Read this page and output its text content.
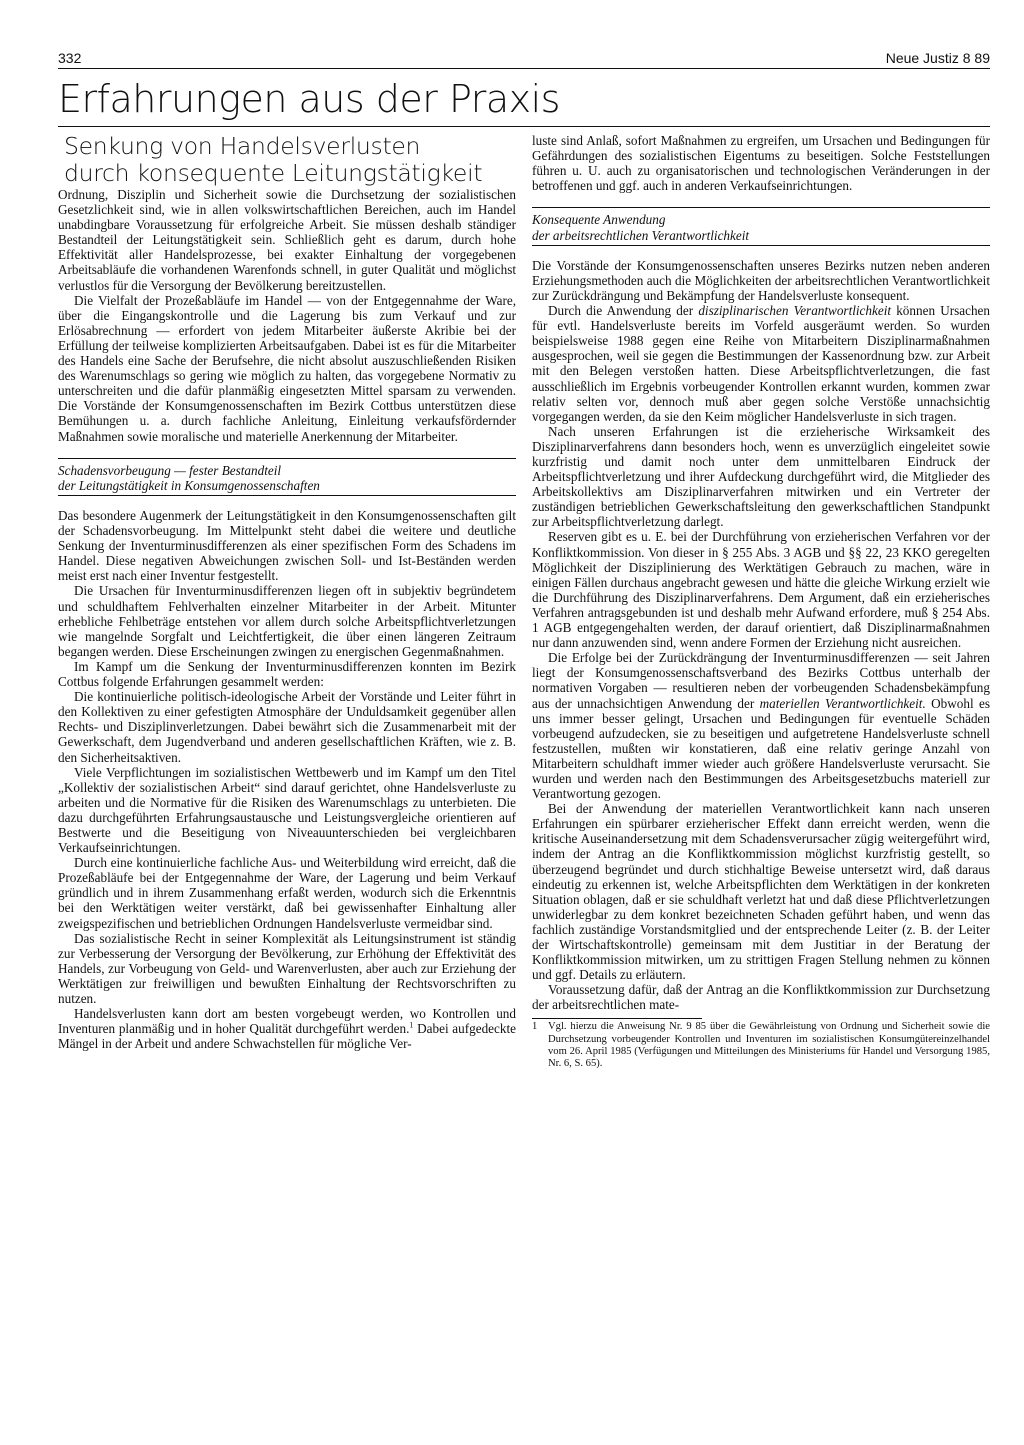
332	Neue Justiz 8 89
Erfahrungen aus der Praxis
Senkung von Handelsverlusten
durch konsequente Leitungstätigkeit

Ordnung, Disziplin und Sicherheit sowie die Durchsetzung der sozialistischen Gesetzlichkeit sind, wie in allen volkswirtschaftlichen Bereichen, auch im Handel unabdingbare Voraussetzung für erfolgreiche Arbeit. Sie müssen deshalb ständiger Bestandteil der Leitungstätigkeit sein. Schließlich geht es darum, durch hohe Effektivität aller Handelsprozesse, bei exakter Einhaltung der vorgegebenen Arbeitsabläufe die vorhandenen Warenfonds schnell, in guter Qualität und möglichst verlustlos für die Versorgung der Bevölkerung bereitzustellen.

Die Vielfalt der Prozeßabläufe im Handel — von der Entgegennahme der Ware, über die Eingangskontrolle und die Lagerung bis zum Verkauf und zur Erlösabrechnung — erfordert von jedem Mitarbeiter äußerste Akribie bei der Erfüllung der teilweise komplizierten Arbeitsaufgaben. Dabei ist es für die Mitarbeiter des Handels eine Sache der Berufsehre, die nicht absolut auszuschließenden Risiken des Warenumschlags so gering wie möglich zu halten, das vorgegebene Normativ zu unterschreiten und die dafür planmäßig eingesetzten Mittel sparsam zu verwenden. Die Vorstände der Konsumgenossenschaften im Bezirk Cottbus unterstützen diese Bemühungen u. a. durch fachliche Anleitung, Einleitung verkaufsfördernder Maßnahmen sowie moralische und materielle Anerkennung der Mitarbeiter.

Schadensvorbeugung — fester Bestandteil
der Leitungstätigkeit in Konsumgenossenschaften

Das besondere Augenmerk der Leitungstätigkeit in den Konsumgenossenschaften gilt der Schadensvorbeugung. Im Mittelpunkt steht dabei die weitere und deutliche Senkung der Inventurminusdifferenzen als einer spezifischen Form des Schadens im Handel. Diese negativen Abweichungen zwischen Soll- und Ist-Beständen werden meist erst nach einer Inventur festgestellt.

Die Ursachen für Inventurminusdifferenzen liegen oft in subjektiv begründetem und schuldhaftem Fehlverhalten einzelner Mitarbeiter in der Arbeit. Mitunter erhebliche Fehlbeträge entstehen vor allem durch solche Arbeitspflichtverletzungen wie mangelnde Sorgfalt und Leichtfertigkeit, die über einen längeren Zeitraum begangen werden. Diese Erscheinungen zwingen zu energischen Gegenmaßnahmen.

Im Kampf um die Senkung der Inventurminusdifferenzen konnten im Bezirk Cottbus folgende Erfahrungen gesammelt werden:

Die kontinuierliche politisch-ideologische Arbeit der Vorstände und Leiter führt in den Kollektiven zu einer gefestigten Atmosphäre der Unduldsamkeit gegenüber allen Rechts- und Disziplinverletzungen. Dabei bewährt sich die Zusammenarbeit mit der Gewerkschaft, dem Jugendverband und anderen gesellschaftlichen Kräften, wie z. B. den Sicherheitsaktiven.

Viele Verpflichtungen im sozialistischen Wettbewerb und im Kampf um den Titel „Kollektiv der sozialistischen Arbeit“ sind darauf gerichtet, ohne Handelsverluste zu arbeiten und die Normative für die Risiken des Warenumschlags zu unterbieten. Die dazu durchgeführten Erfahrungsaustausche und Leistungsvergleiche orientieren auf Bestwerte und die Beseitigung von Niveauunterschieden bei vergleichbaren Verkaufseinrichtungen.

Durch eine kontinuierliche fachliche Aus- und Weiterbildung wird erreicht, daß die Prozeßabläufe bei der Entgegennahme der Ware, der Lagerung und beim Verkauf gründlich und in ihrem Zusammenhang erfaßt werden, wodurch sich die Erkenntnis bei den Werktätigen weiter verstärkt, daß bei gewissenhafter Einhaltung aller zweigspezifischen und betrieblichen Ordnungen Handelsverluste vermeidbar sind.

Das sozialistische Recht in seiner Komplexität als Leitungsinstrument ist ständig zur Verbesserung der Versorgung der Bevölkerung, zur Erhöhung der Effektivität des Handels, zur Vorbeugung von Geld- und Warenverlusten, aber auch zur Erziehung der Werktätigen zur freiwilligen und bewußten Einhaltung der Rechtsvorschriften zu nutzen.

Handelsverlusten kann dort am besten vorgebeugt werden, wo Kontrollen und Inventuren planmäßig und in hoher Qualität durchgeführt werden.$^1$ Dabei aufgedeckte Mängel in der Arbeit und andere Schwachstellen für mögliche Ver-

luste sind Anlaß, sofort Maßnahmen zu ergreifen, um Ursachen und Bedingungen für Gefährdungen des sozialistischen Eigentums zu beseitigen. Solche Feststellungen führen u. U. auch zu organisatorischen und technologischen Veränderungen in der betroffenen und ggf. auch in anderen Verkaufseinrichtungen.

Konsequente Anwendung
der arbeitsrechtlichen Verantwortlichkeit

Die Vorstände der Konsumgenossenschaften unseres Bezirks nutzen neben anderen Erziehungsmethoden auch die Möglichkeiten der arbeitsrechtlichen Verantwortlichkeit zur Zurückdrängung und Bekämpfung der Handelsverluste konsequent.

Durch die Anwendung der disziplinarischen Verantwortlichkeit können Ursachen für evtl. Handelsverluste bereits im Vorfeld ausgeräumt werden. So wurden beispielsweise 1988 gegen eine Reihe von Mitarbeitern Disziplinarmaßnahmen ausgesprochen, weil sie gegen die Bestimmungen der Kassenordnung bzw. zur Arbeit mit den Belegen verstoßen hatten. Diese Arbeitspflichtverletzungen, die fast ausschließlich im Ergebnis vorbeugender Kontrollen erkannt wurden, kommen zwar relativ selten vor, dennoch muß aber gegen solche Verstöße unnachsichtig vorgegangen werden, da sie den Keim möglicher Handelsverluste in sich tragen.

Nach unseren Erfahrungen ist die erzieherische Wirksamkeit des Disziplinarverfahrens dann besonders hoch, wenn es unverzüglich eingeleitet sowie kurzfristig und damit noch unter dem unmittelbaren Eindruck der Arbeitspflichtverletzung und ihrer Aufdeckung durchgeführt wird, die Mitglieder des Arbeitskollektivs am Disziplinarverfahren mitwirken und ein Vertreter der zuständigen betrieblichen Gewerkschaftsleitung den gewerkschaftlichen Standpunkt zur Arbeitspflichtverletzung darlegt.

Reserven gibt es u. E. bei der Durchführung von erzieherischen Verfahren vor der Konfliktkommission. Von dieser in § 255 Abs. 3 AGB und §§ 22, 23 KKO geregelten Möglichkeit der Disziplinierung des Werktätigen Gebrauch zu machen, wäre in einigen Fällen durchaus angebracht gewesen und hätte die gleiche Wirkung erzielt wie die Durchführung des Disziplinarverfahrens. Dem Argument, daß ein erzieherisches Verfahren antragsgebunden ist und deshalb mehr Aufwand erfordere, muß § 254 Abs. 1 AGB entgegengehalten werden, der darauf orientiert, daß Disziplinarmaßnahmen nur dann anzuwenden sind, wenn andere Formen der Erziehung nicht ausreichen.

Die Erfolge bei der Zurückdrängung der Inventurminusdifferenzen — seit Jahren liegt der Konsumgenossenschaftsverband des Bezirks Cottbus unterhalb der normativen Vorgaben — resultieren neben der vorbeugenden Schadensbekämpfung aus der unnachsichtigen Anwendung der materiellen Verantwortlichkeit. Obwohl es uns immer besser gelingt, Ursachen und Bedingungen für eventuelle Schäden vorbeugend aufzudecken, sie zu beseitigen und aufgetretene Handelsverluste schnell festzustellen, mußten wir konstatieren, daß eine relativ geringe Anzahl von Mitarbeitern schuldhaft immer wieder auch größere Handelsverluste verursacht. Sie wurden und werden nach den Bestimmungen des Arbeitsgesetzbuchs materiell zur Verantwortung gezogen.

Bei der Anwendung der materiellen Verantwortlichkeit kann nach unseren Erfahrungen ein spürbarer erzieherischer Effekt dann erreicht werden, wenn die kritische Auseinandersetzung mit dem Schadensverursacher zügig weitergeführt wird, indem der Antrag an die Konfliktkommission möglichst kurzfristig gestellt, so überzeugend begründet und durch stichhaltige Beweise untersetzt wird, daß daraus eindeutig zu erkennen ist, welche Arbeitspflichten dem Werktätigen in der konkreten Situation oblagen, daß er sie schuldhaft verletzt hat und daß diese Pflichtverletzungen unwiderlegbar zu dem konkret bezeichneten Schaden geführt haben, und wenn das fachlich zuständige Vorstandsmitglied und der entsprechende Leiter (z. B. der Leiter der Wirtschaftskontrolle) gemeinsam mit dem Justitiar in der Beratung der Konfliktkommission mitwirken, um zu strittigen Fragen Stellung nehmen zu können und ggf. Details zu erläutern.

Voraussetzung dafür, daß der Antrag an die Konfliktkommission zur Durchsetzung der arbeitsrechtlichen mate-

1	Vgl. hierzu die Anweisung Nr. 9 85 über die Gewährleistung von Ordnung und Sicherheit sowie die Durchsetzung vorbeugender Kontrollen und Inventuren im sozialistischen Konsumgütereinzelhandel vom 26. April 1985 (Verfügungen und Mitteilungen des Ministeriums für Handel und Versorgung 1985, Nr. 6, S. 65).
